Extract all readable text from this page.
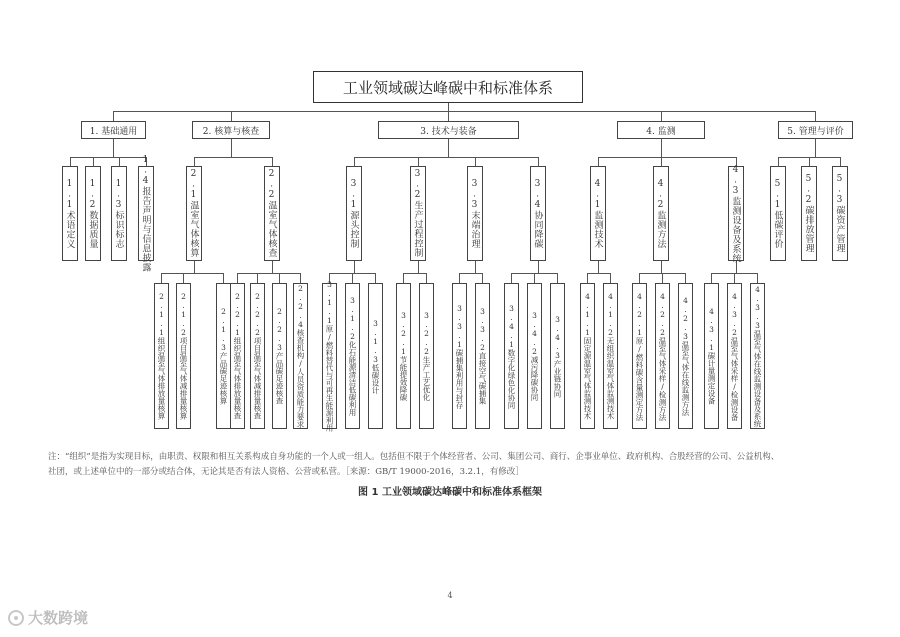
工业领域碳达峰碳中和标准体系
1. 基础通用	2. 核算与核查	3. 技术与装备	4. 监测	5. 管理与评价
1.1术语定义 1.2数据质量 1.3标识标志 1.4报告声明与信息披露	2.1温室气体核算	2.2温室气体核查	3.1源头控制	3.2生产过程控制	3.3末端治理	3.4协同降碳	4.1监测技术	4.2监测方法	4.3监测设备及系统	5.1低碳评价 5.2碳排放管理 5.3碳资产管理
2.1.1组织温室气体排放量核算 2.1.2项目温室气体减排量核算	2.1.3产品碳足迹核算 2.2.1组织温室气体排放量核查 2.2.2项目温室气体减排量核查 2.2.3产品碳足迹核查 2.2.4核查机构/人员资质能力要求	3.1.1原/燃料替代与可再生能源利用 3.1.2化石能源清洁低碳利用 3.1.3低碳设计	3.2.1节能提效降碳 3.2.2生产工艺优化	3.3.1碳捕集利用与封存 3.3.2直接空气碳捕集	3.4.1数字化绿色化协同 3.4.2减污降碳协同 3.4.3产业链协同	4.1.1固定源温室气体监测技术 4.1.2无组织温室气体监测技术	4.2.1原/燃料碳含量测定方法 4.2.2温室气体采样/检测方法 4.2.3温室气体在线监测方法 4.3.1碳计量测定设备 4.3.2温室气体采样/检测设备 4.3.3温室气体在线监测设备及系统
注：“组织”是指为实现目标，由职责、权限和相互关系构成自身功能的一个人或一组人。包括但不限于个体经营者、公司、集团公司、商行、企事业单位、政府机构、合股经营的公司、公益机构、
社团，或上述单位中的一部分或结合体，无论其是否有法人资格、公营或私营。［来源：GB/T 19000-2016，3.2.1，有修改］
图 1 工业领域碳达峰碳中和标准体系框架
4
大数跨境
